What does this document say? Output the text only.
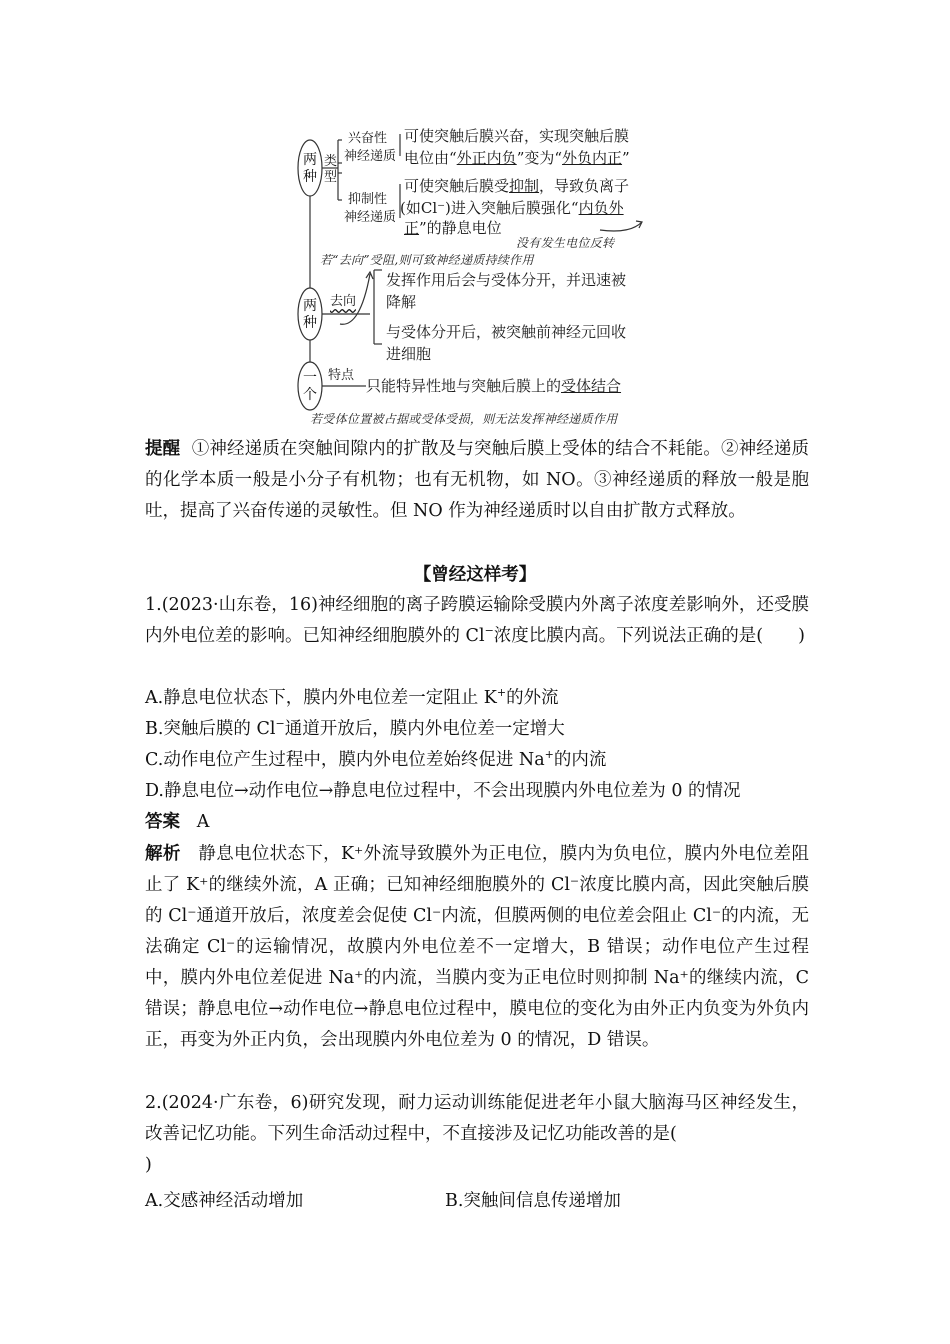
两种
类型
兴奋性
神经递质
可使突触后膜兴奋，实现突触后膜
电位由“外正内负”变为“外负内正”
抑制性
神经递质
可使突触后膜受抑制，导致负离子
(如Cl⁻)进入突触后膜强化“内负外
正”的静息电位
没有发生电位反转
若“去向”受阻,则可致神经递质持续作用
两种
去向
发挥作用后会与受体分开，并迅速被
降解
与受体分开后，被突触前神经元回收
进细胞
一个
特点
只能特异性地与突触后膜上的受体结合
若受体位置被占据或受体受损，则无法发挥神经递质作用
提醒 ①神经递质在突触间隙内的扩散及与突触后膜上受体的结合不耗能。②神经递质的化学本质一般是小分子有机物；也有无机物，如 NO。③神经递质的释放一般是胞吐，提高了兴奋传递的灵敏性。但 NO 作为神经递质时以自由扩散方式释放。
【曾经这样考】
1.(2023·山东卷，16)神经细胞的离子跨膜运输除受膜内外离子浓度差影响外，还受膜内外电位差的影响。已知神经细胞膜外的 Cl−浓度比膜内高。下列说法正确的是(　　)
A.静息电位状态下，膜内外电位差一定阻止 K+的外流
B.突触后膜的 Cl−通道开放后，膜内外电位差一定增大
C.动作电位产生过程中，膜内外电位差始终促进 Na+的内流
D.静息电位→动作电位→静息电位过程中，不会出现膜内外电位差为 0 的情况
答案 A
解析 静息电位状态下，K⁺外流导致膜外为正电位，膜内为负电位，膜内外电位差阻止了 K⁺的继续外流，A 正确；已知神经细胞膜外的 Cl⁻浓度比膜内高，因此突触后膜的 Cl⁻通道开放后，浓度差会促使 Cl⁻内流，但膜两侧的电位差会阻止 Cl⁻的内流，无法确定 Cl⁻的运输情况，故膜内外电位差不一定增大，B 错误；动作电位产生过程中，膜内外电位差促进 Na⁺的内流，当膜内变为正电位时则抑制 Na⁺的继续内流，C 错误；静息电位→动作电位→静息电位过程中，膜电位的变化为由外正内负变为外负内正，再变为外正内负，会出现膜内外电位差为 0 的情况，D 错误。
2.(2024·广东卷，6)研究发现，耐力运动训练能促进老年小鼠大脑海马区神经发生，改善记忆功能。下列生命活动过程中，不直接涉及记忆功能改善的是(
)
A.交感神经活动增加	B.突触间信息传递增加
